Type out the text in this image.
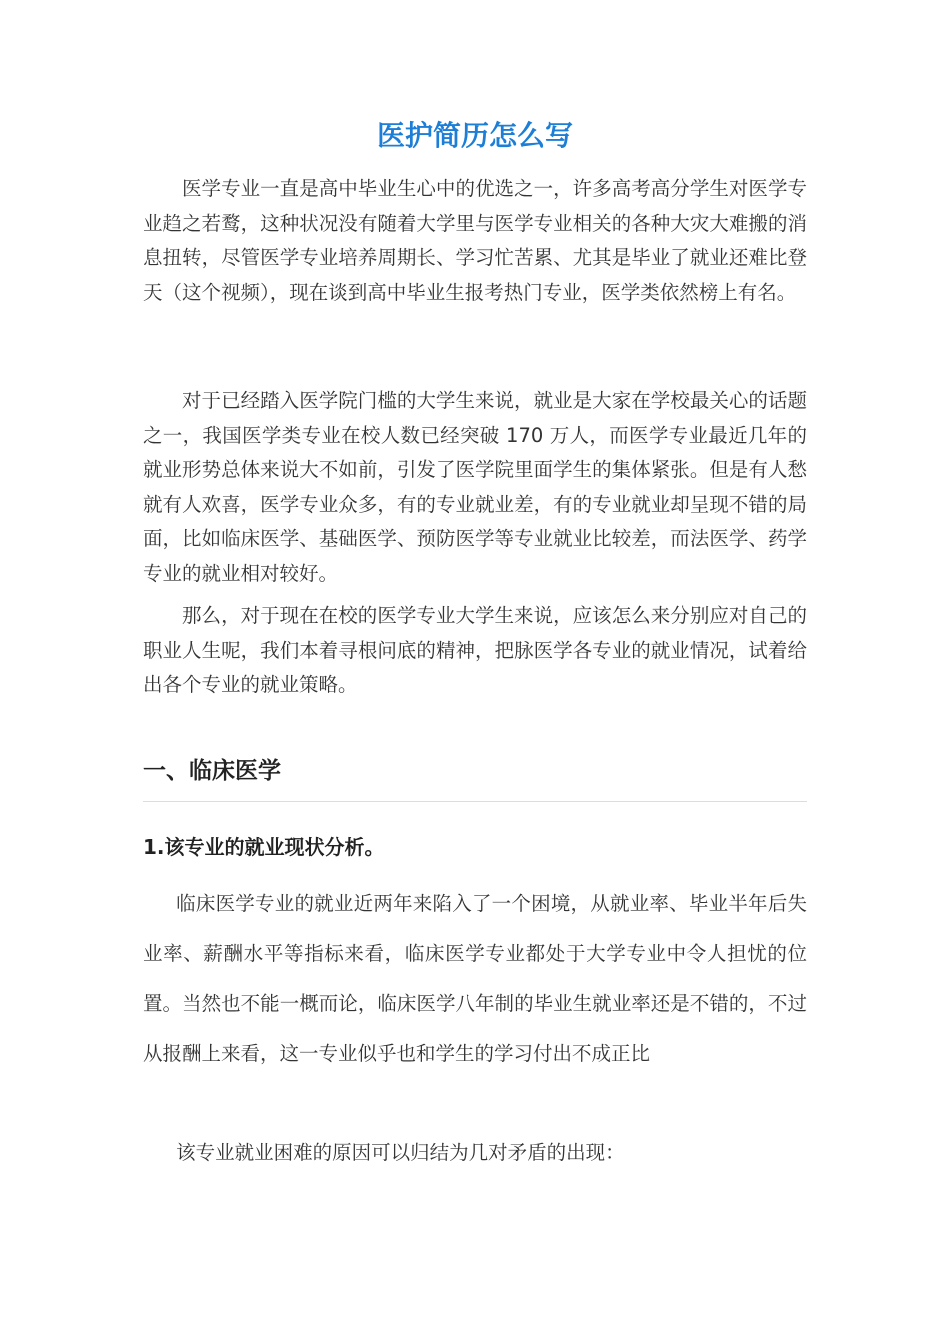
医护简历怎么写

医学专业一直是高中毕业生心中的优选之一，许多高考高分学生对医学专业趋之若鹜，这种状况没有随着大学里与医学专业相关的各种大灾大难搬的消息扭转，尽管医学专业培养周期长、学习忙苦累、尤其是毕业了就业还难比登天（这个视频），现在谈到高中毕业生报考热门专业，医学类依然榜上有名。

对于已经踏入医学院门槛的大学生来说，就业是大家在学校最关心的话题之一，我国医学类专业在校人数已经突破 170 万人，而医学专业最近几年的就业形势总体来说大不如前，引发了医学院里面学生的集体紧张。但是有人愁就有人欢喜，医学专业众多，有的专业就业差，有的专业就业却呈现不错的局面，比如临床医学、基础医学、预防医学等专业就业比较差，而法医学、药学专业的就业相对较好。

那么，对于现在在校的医学专业大学生来说，应该怎么来分别应对自己的职业人生呢，我们本着寻根问底的精神，把脉医学各专业的就业情况，试着给出各个专业的就业策略。

一、临床医学
1.该专业的就业现状分析。

临床医学专业的就业近两年来陷入了一个困境，从就业率、毕业半年后失业率、薪酬水平等指标来看，临床医学专业都处于大学专业中令人担忧的位置。当然也不能一概而论，临床医学八年制的毕业生就业率还是不错的，不过从报酬上来看，这一专业似乎也和学生的学习付出不成正比

该专业就业困难的原因可以归结为几对矛盾的出现：
